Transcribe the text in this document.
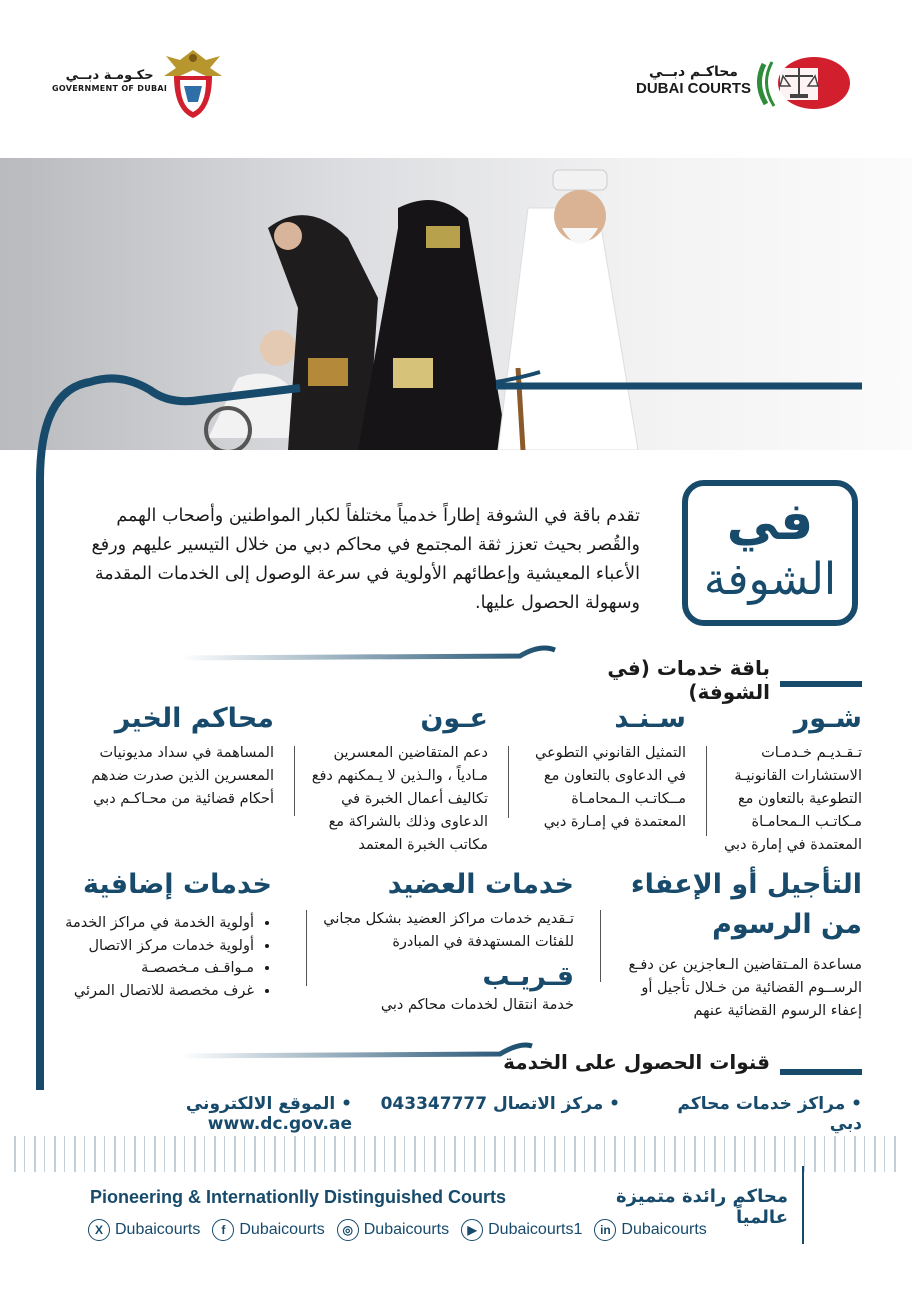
حكـومـة دبــي
GOVERNMENT OF DUBAI
محاكـم دبــي
DUBAI COURTS
في
الشوفة
تقدم باقة في الشوفة إطاراً خدمياً مختلفاً لكبار المواطنين وأصحاب الهمم والقُصر بحيث تعزز ثقة المجتمع في محاكم دبي من خلال التيسير عليهم ورفع الأعباء المعيشية وإعطائهم الأولوية في سرعة الوصول إلى الخدمات المقدمة وسهولة الحصول عليها.
باقة خدمات (في الشوفة)
شـور
تـقـديـم خـدمـات الاستشارات القانونيـة التطوعية بالتعاون مع مـكاتـب الـمحامـاة المعتمدة في إمارة دبي
سـنـد
التمثيل القانوني التطوعي في الدعاوى بالتعاون مع مــكاتـب الـمحامـاة المعتمدة في إمـارة دبي
عـون
دعم المتقاضين المعسرين مـادياً ، والـذين لا يـمكنهم دفع تكاليف أعمال الخبرة في الدعاوى وذلك بالشراكة مع مكاتب الخبرة المعتمد
محاكم الخير
المساهمة في سداد مديونيات المعسرين الذين صدرت ضدهم أحكام قضائية من محـاكـم دبي
التأجيل أو الإعفاء
من الرسوم
مساعدة المـتقاضين الـعاجزين عن دفـع الرســوم القضائية من خـلال تأجيل أو إعفاء الرسوم القضائية عنهم
خدمات العضيد
تـقديم خدمات مراكز العضيد بشكل مجاني للفئات المستهدفة في المبادرة
قـريـب
خدمة انتقال لخدمات محاكم دبي
خدمات إضافية
• أولوية الخدمة في مراكز الخدمة
• أولوية خدمات مركز الاتصال
• مـواقـف مـخصصـة
• غرف مخصصة للاتصال المرئي
قنوات الحصول على الخدمة
• مراكز خدمات محاكم دبي
• مركز الاتصال 043347777
• الموقع الالكتروني www.dc.gov.ae
Pioneering & Internationlly Distinguished Courts	محاكم رائدة متميزة عالمياً
X Dubaicourts	f Dubaicourts	◎ Dubaicourts	▶ Dubaicourts1	in Dubaicourts
